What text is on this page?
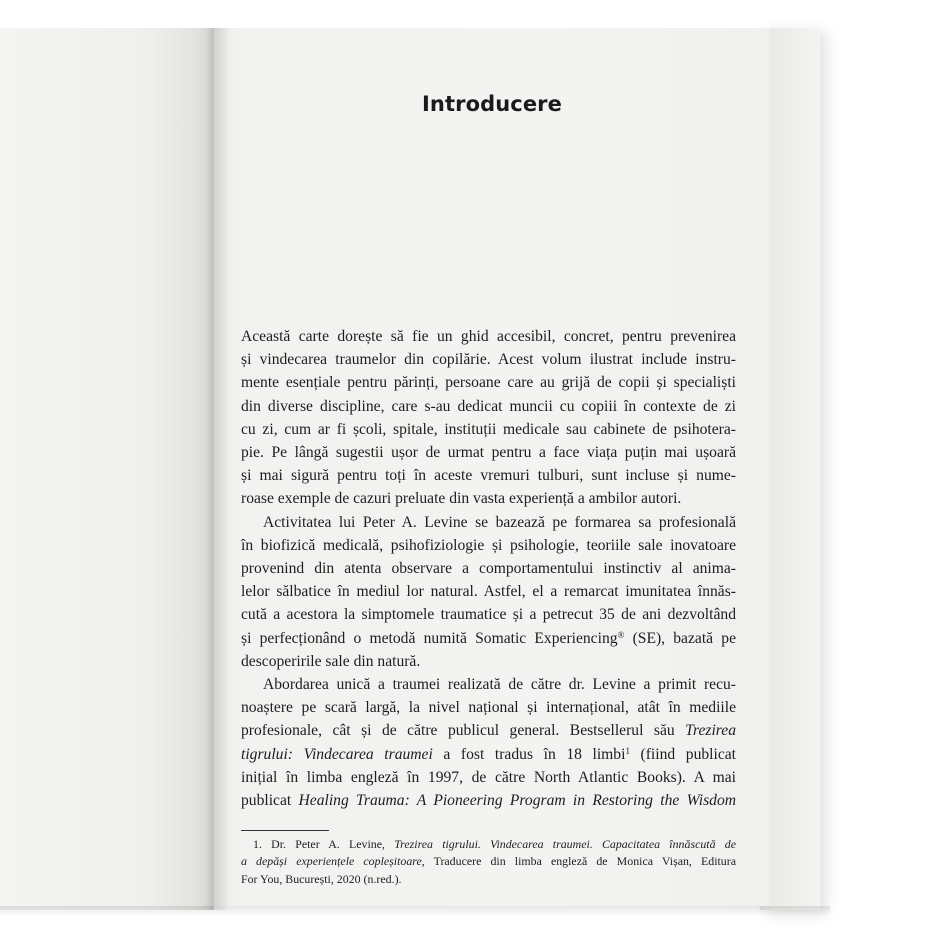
Introducere
Această carte dorește să fie un ghid accesibil, concret, pentru prevenirea
și vindecarea traumelor din copilărie. Acest volum ilustrat include instru-
mente esențiale pentru părinți, persoane care au grijă de copii și specialiști
din diverse discipline, care s-au dedicat muncii cu copiii în contexte de zi
cu zi, cum ar fi școli, spitale, instituții medicale sau cabinete de psihotera-
pie. Pe lângă sugestii ușor de urmat pentru a face viața puțin mai ușoară
și mai sigură pentru toți în aceste vremuri tulburi, sunt incluse și nume-
roase exemple de cazuri preluate din vasta experiență a ambilor autori.
Activitatea lui Peter A. Levine se bazează pe formarea sa profesională
în biofizică medicală, psihofiziologie și psihologie, teoriile sale inovatoare
provenind din atenta observare a comportamentului instinctiv al anima-
lelor sălbatice în mediul lor natural. Astfel, el a remarcat imunitatea înnăs-
cută a acestora la simptomele traumatice și a petrecut 35 de ani dezvoltând
și perfecționând o metodă numită Somatic Experiencing® (SE), bazată pe
descoperirile sale din natură.
Abordarea unică a traumei realizată de către dr. Levine a primit recu-
noaștere pe scară largă, la nivel național și internațional, atât în mediile
profesionale, cât și de către publicul general. Bestsellerul său Trezirea
tigrului: Vindecarea traumei a fost tradus în 18 limbi$^1$ (fiind publicat
inițial în limba engleză în 1997, de către North Atlantic Books). A mai
publicat Healing Trauma: A Pioneering Program in Restoring the Wisdom
1. Dr. Peter A. Levine, Trezirea tigrului. Vindecarea traumei. Capacitatea înnăscută de
a depăși experiențele copleșitoare, Traducere din limba engleză de Monica Vișan, Editura
For You, București, 2020 (n.red.).
